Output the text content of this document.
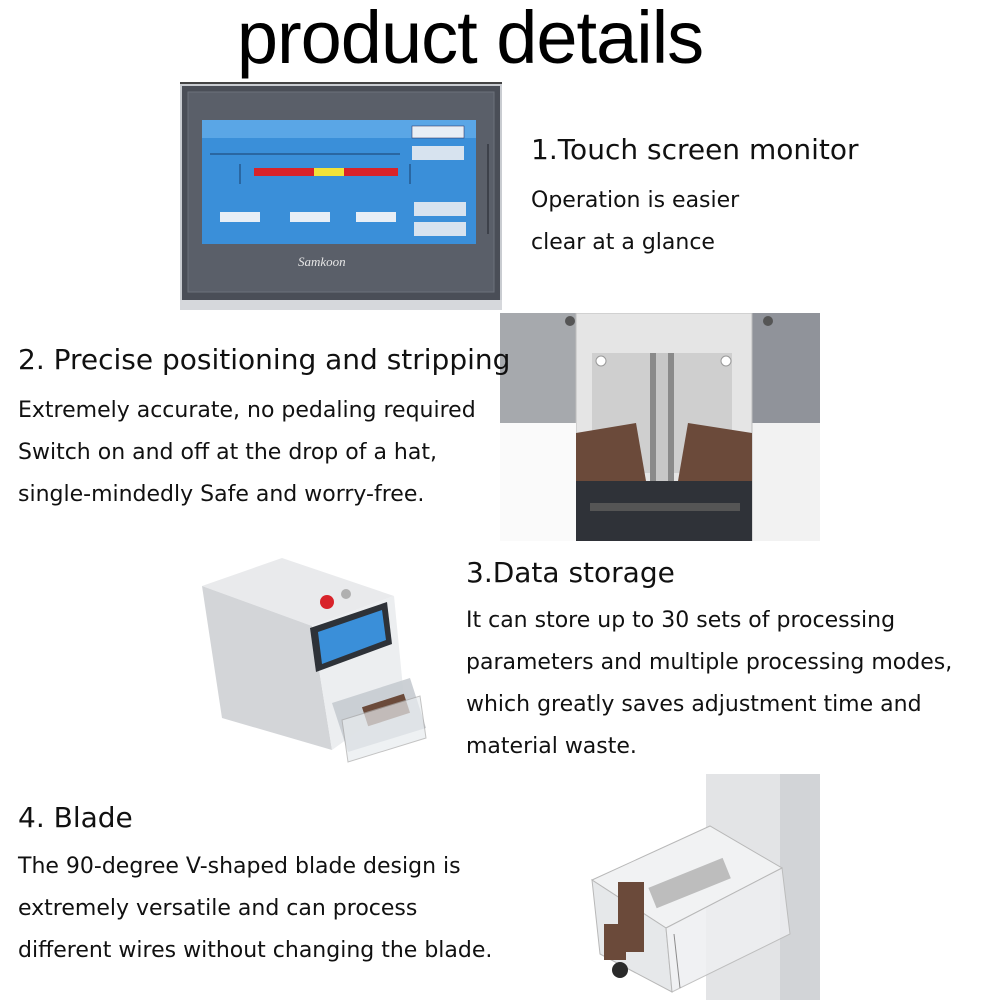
product details
Samkoon
1.Touch screen monitor
Operation is easier
clear at a glance
2. Precise positioning and stripping
Extremely accurate, no pedaling required
Switch on and off at the drop of a hat,
single-mindedly Safe and worry-free.
3.Data storage
It can store up to 30 sets of processing
parameters and multiple processing modes,
which greatly saves adjustment time and
material waste.
4. Blade
The 90-degree V-shaped blade design is
extremely versatile and can process
different wires without changing the blade.
